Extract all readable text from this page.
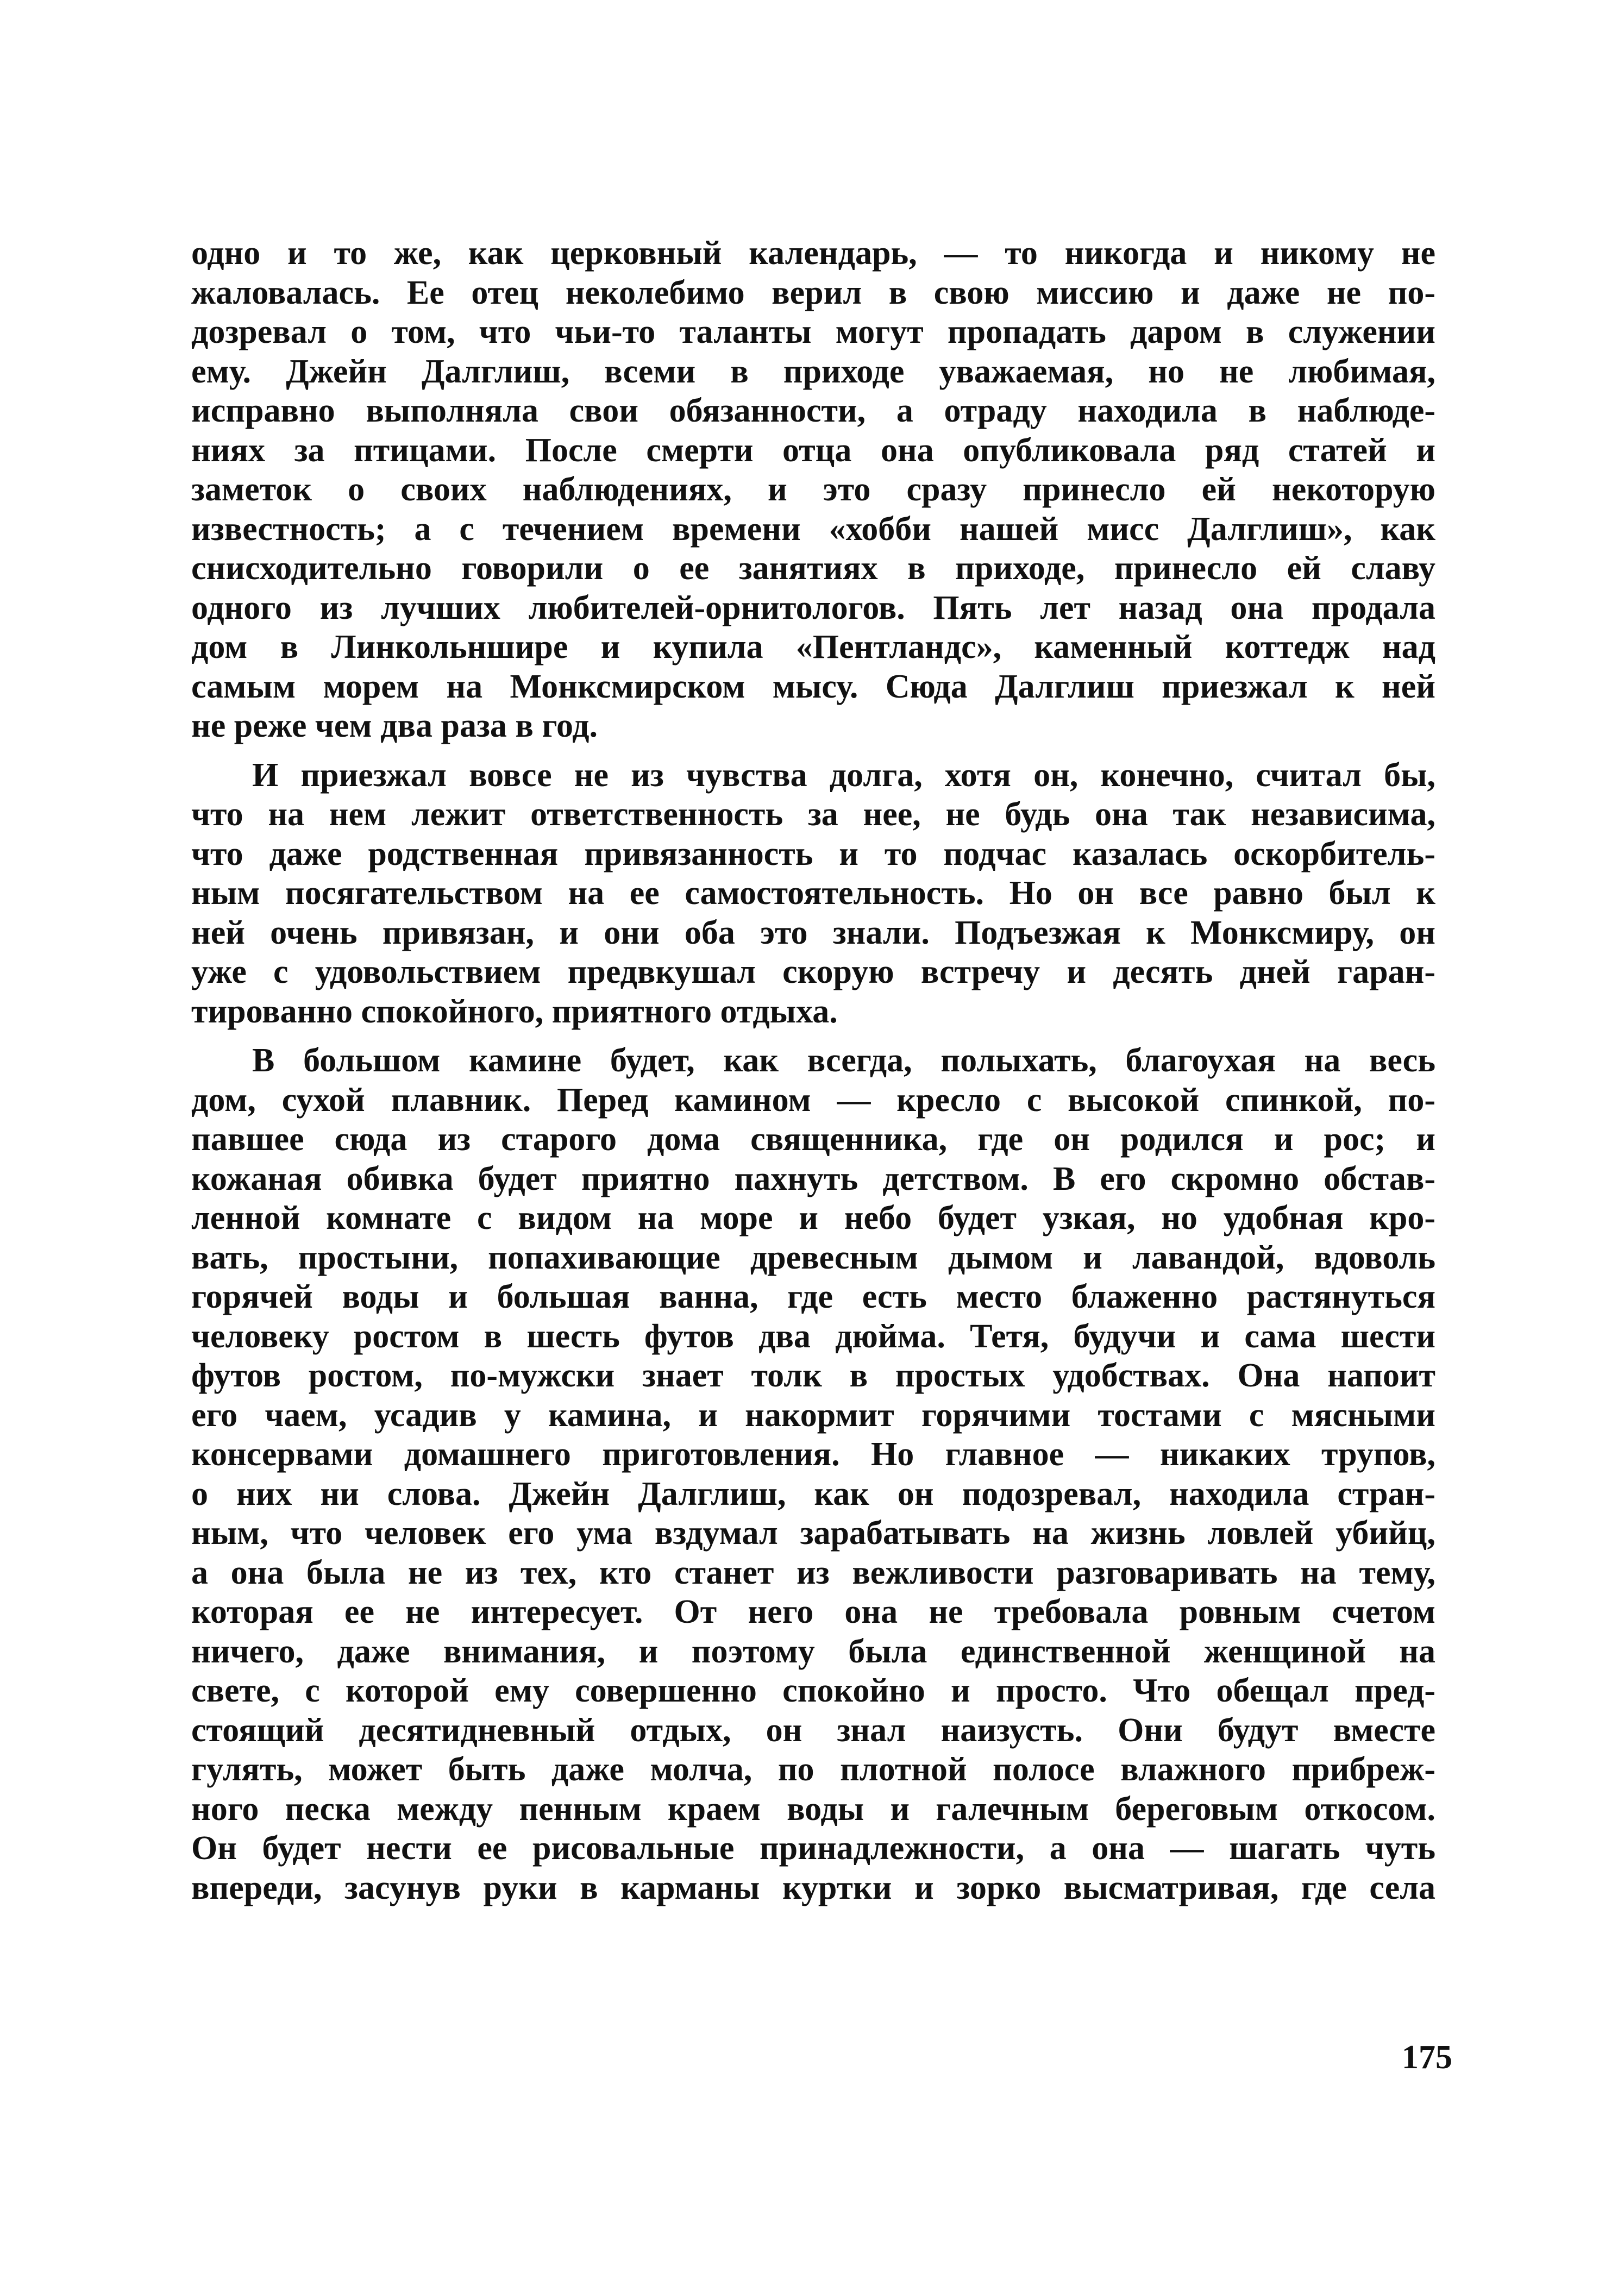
одно и то же, как церковный календарь, — то никогда и никому не
жаловалась. Ее отец неколебимо верил в свою миссию и даже не по-
дозревал о том, что чьи-то таланты могут пропадать даром в служении
ему. Джейн Далглиш, всеми в приходе уважаемая, но не любимая,
исправно выполняла свои обязанности, а отраду находила в наблюде-
ниях за птицами. После смерти отца она опубликовала ряд статей и
заметок о своих наблюдениях, и это сразу принесло ей некоторую
известность; а с течением времени «хобби нашей мисс Далглиш», как
снисходительно говорили о ее занятиях в приходе, принесло ей славу
одного из лучших любителей-орнитологов. Пять лет назад она продала
дом в Линкольншире и купила «Пентландс», каменный коттедж над
самым морем на Монксмирском мысу. Сюда Далглиш приезжал к ней
не реже чем два раза в год.
И приезжал вовсе не из чувства долга, хотя он, конечно, считал бы,
что на нем лежит ответственность за нее, не будь она так независима,
что даже родственная привязанность и то подчас казалась оскорбитель-
ным посягательством на ее самостоятельность. Но он все равно был к
ней очень привязан, и они оба это знали. Подъезжая к Монксмиру, он
уже с удовольствием предвкушал скорую встречу и десять дней гаран-
тированно спокойного, приятного отдыха.
В большом камине будет, как всегда, полыхать, благоухая на весь
дом, сухой плавник. Перед камином — кресло с высокой спинкой, по-
павшее сюда из старого дома священника, где он родился и рос; и
кожаная обивка будет приятно пахнуть детством. В его скромно обстав-
ленной комнате с видом на море и небо будет узкая, но удобная кро-
вать, простыни, попахивающие древесным дымом и лавандой, вдоволь
горячей воды и большая ванна, где есть место блаженно растянуться
человеку ростом в шесть футов два дюйма. Тетя, будучи и сама шести
футов ростом, по-мужски знает толк в простых удобствах. Она напоит
его чаем, усадив у камина, и накормит горячими тостами с мясными
консервами домашнего приготовления. Но главное — никаких трупов,
о них ни слова. Джейн Далглиш, как он подозревал, находила стран-
ным, что человек его ума вздумал зарабатывать на жизнь ловлей убийц,
а она была не из тех, кто станет из вежливости разговаривать на тему,
которая ее не интересует. От него она не требовала ровным счетом
ничего, даже внимания, и поэтому была единственной женщиной на
свете, с которой ему совершенно спокойно и просто. Что обещал пред-
стоящий десятидневный отдых, он знал наизусть. Они будут вместе
гулять, может быть даже молча, по плотной полосе влажного прибреж-
ного песка между пенным краем воды и галечным береговым откосом.
Он будет нести ее рисовальные принадлежности, а она — шагать чуть
впереди, засунув руки в карманы куртки и зорко высматривая, где села
175
